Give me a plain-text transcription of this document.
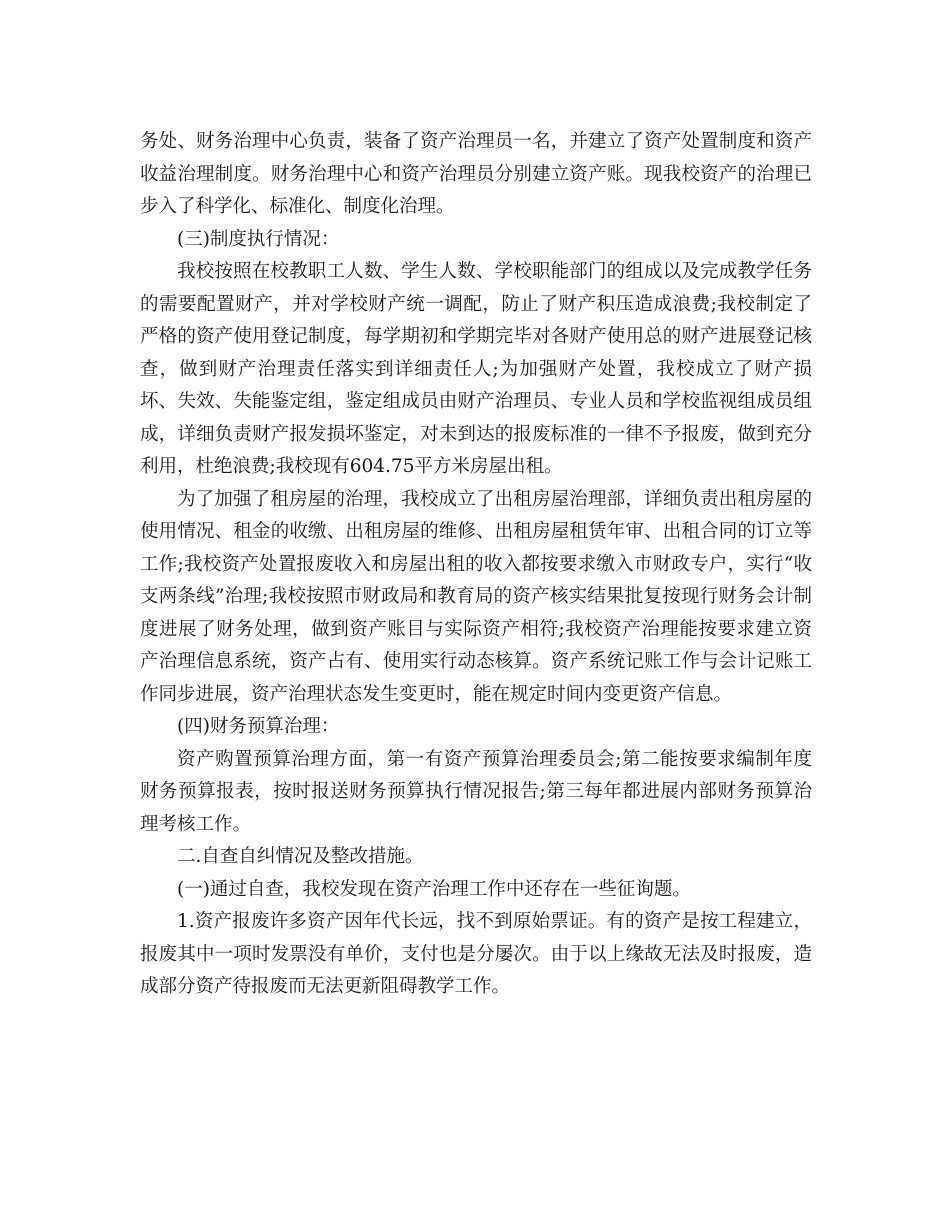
务处、财务治理中心负责，装备了资产治理员一名，并建立了资产处置制度和资产收益治理制度。财务治理中心和资产治理员分别建立资产账。现我校资产的治理已步入了科学化、标准化、制度化治理。

(三)制度执行情况：

我校按照在校教职工人数、学生人数、学校职能部门的组成以及完成教学任务的需要配置财产，并对学校财产统一调配，防止了财产积压造成浪费;我校制定了严格的资产使用登记制度，每学期初和学期完毕对各财产使用总的财产进展登记核查，做到财产治理责任落实到详细责任人;为加强财产处置，我校成立了财产损坏、失效、失能鉴定组，鉴定组成员由财产治理员、专业人员和学校监视组成员组成，详细负责财产报发损坏鉴定，对未到达的报废标准的一律不予报废，做到充分利用，杜绝浪费;我校现有604.75平方米房屋出租。

为了加强了租房屋的治理，我校成立了出租房屋治理部，详细负责出租房屋的使用情况、租金的收缴、出租房屋的维修、出租房屋租赁年审、出租合同的订立等工作;我校资产处置报废收入和房屋出租的收入都按要求缴入市财政专户，实行“收支两条线”治理;我校按照市财政局和教育局的资产核实结果批复按现行财务会计制度进展了财务处理，做到资产账目与实际资产相符;我校资产治理能按要求建立资产治理信息系统，资产占有、使用实行动态核算。资产系统记账工作与会计记账工作同步进展，资产治理状态发生变更时，能在规定时间内变更资产信息。

(四)财务预算治理：

资产购置预算治理方面，第一有资产预算治理委员会;第二能按要求编制年度财务预算报表，按时报送财务预算执行情况报告;第三每年都进展内部财务预算治理考核工作。

二.自查自纠情况及整改措施。

(一)通过自查，我校发现在资产治理工作中还存在一些征询题。

1.资产报废许多资产因年代长远，找不到原始票证。有的资产是按工程建立，报废其中一项时发票没有单价，支付也是分屡次。由于以上缘故无法及时报废，造成部分资产待报废而无法更新阻碍教学工作。
